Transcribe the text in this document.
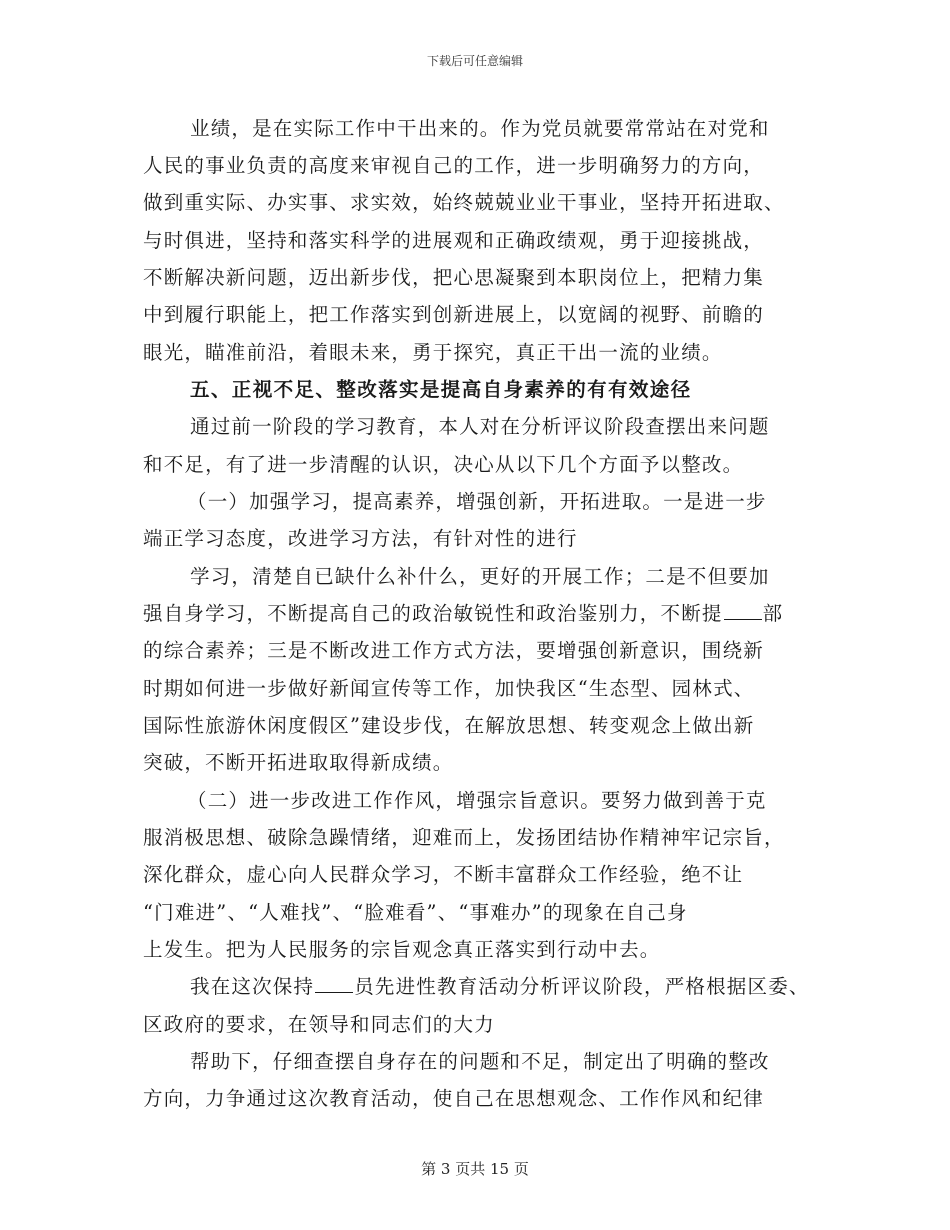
下载后可任意编辑
业绩，是在实际工作中干出来的。作为党员就要常常站在对党和
人民的事业负责的高度来审视自己的工作，进一步明确努力的方向，
做到重实际、办实事、求实效，始终兢兢业业干事业，坚持开拓进取、
与时俱进，坚持和落实科学的进展观和正确政绩观，勇于迎接挑战，
不断解决新问题，迈出新步伐，把心思凝聚到本职岗位上，把精力集
中到履行职能上，把工作落实到创新进展上，以宽阔的视野、前瞻的
眼光，瞄准前沿，着眼未来，勇于探究，真正干出一流的业绩。
五、正视不足、整改落实是提高自身素养的有有效途径
通过前一阶段的学习教育，本人对在分析评议阶段查摆出来问题
和不足，有了进一步清醒的认识，决心从以下几个方面予以整改。
（一）加强学习，提高素养，增强创新，开拓进取。一是进一步
端正学习态度，改进学习方法，有针对性的进行
学习，清楚自已缺什么补什么，更好的开展工作；二是不但要加
强自身学习，不断提高自己的政治敏锐性和政治鉴别力，不断提 部
的综合素养；三是不断改进工作方式方法，要增强创新意识，围绕新
时期如何进一步做好新闻宣传等工作，加快我区“生态型、园林式、
国际性旅游休闲度假区”建设步伐，在解放思想、转变观念上做出新
突破，不断开拓进取取得新成绩。
（二）进一步改进工作作风，增强宗旨意识。要努力做到善于克
服消极思想、破除急躁情绪，迎难而上，发扬团结协作精神牢记宗旨，
深化群众，虚心向人民群众学习，不断丰富群众工作经验，绝不让
“门难进”、“人难找”、“脸难看”、“事难办”的现象在自己身
上发生。把为人民服务的宗旨观念真正落实到行动中去。
我在这次保持 员先进性教育活动分析评议阶段，严格根据区委、
区政府的要求，在领导和同志们的大力
帮助下，仔细查摆自身存在的问题和不足，制定出了明确的整改
方向，力争通过这次教育活动，使自己在思想观念、工作作风和纪律
第 3 页共 15 页
